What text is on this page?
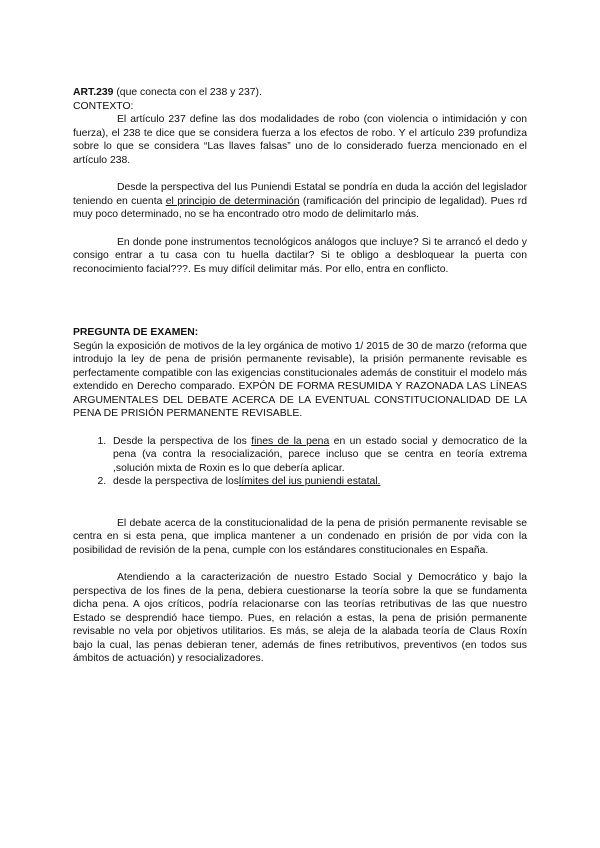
ART.239 (que conecta con el 238 y 237).

CONTEXTO:

El artículo 237 define las dos modalidades de robo (con violencia o intimidación y con fuerza), el 238 te dice que se considera fuerza a los efectos de robo. Y el artículo 239 profundiza sobre lo que se considera “Las llaves falsas” uno de lo considerado fuerza mencionado en el artículo 238.

Desde la perspectiva del Ius Puniendi Estatal se pondría en duda la acción del legislador teniendo en cuenta el principio de determinación (ramificación del principio de legalidad). Pues rd muy poco determinado, no se ha encontrado otro modo de delimitarlo más.

En donde pone instrumentos tecnológicos análogos que incluye? Si te arrancó el dedo y consigo entrar a tu casa con tu huella dactilar? Si te obligo a desbloquear la puerta con reconocimiento facial???. Es muy difícil delimitar más. Por ello, entra en conflicto.

PREGUNTA DE EXAMEN:

Según la exposición de motivos de la ley orgánica de motivo 1/ 2015 de 30 de marzo (reforma que introdujo la ley de pena de prisión permanente revisable), la prisión permanente revisable es perfectamente compatible con las exigencias constitucionales además de constituir el modelo más extendido en Derecho comparado. EXPÓN DE FORMA RESUMIDA Y RAZONADA LAS LÍNEAS ARGUMENTALES DEL DEBATE ACERCA DE LA EVENTUAL CONSTITUCIONALIDAD DE LA PENA DE PRISIÓN PERMANENTE REVISABLE.

1. Desde la perspectiva de los fines de la pena en un estado social y democratico de la pena (va contra la resocialización, parece incluso que se centra en teoría extrema ,solución mixta de Roxin es lo que debería aplicar.
2. desde la perspectiva de loslímites del ius puniendi estatal.

El debate acerca de la constitucionalidad de la pena de prisión permanente revisable se centra en si esta pena, que implica mantener a un condenado en prisión de por vida con la posibilidad de revisión de la pena, cumple con los estándares constitucionales en España.

Atendiendo a la caracterización de nuestro Estado Social y Democrático y bajo la perspectiva de los fines de la pena, debiera cuestionarse la teoría sobre la que se fundamenta dicha pena. A ojos críticos, podría relacionarse con las teorías retributivas de las que nuestro Estado se desprendió hace tiempo. Pues, en relación a estas, la pena de prisión permanente revisable no vela por objetivos utilitarios. Es más, se aleja de la alabada teoría de Claus Roxín bajo la cual, las penas debieran tener, además de fines retributivos, preventivos (en todos sus ámbitos de actuación) y resocializadores.
